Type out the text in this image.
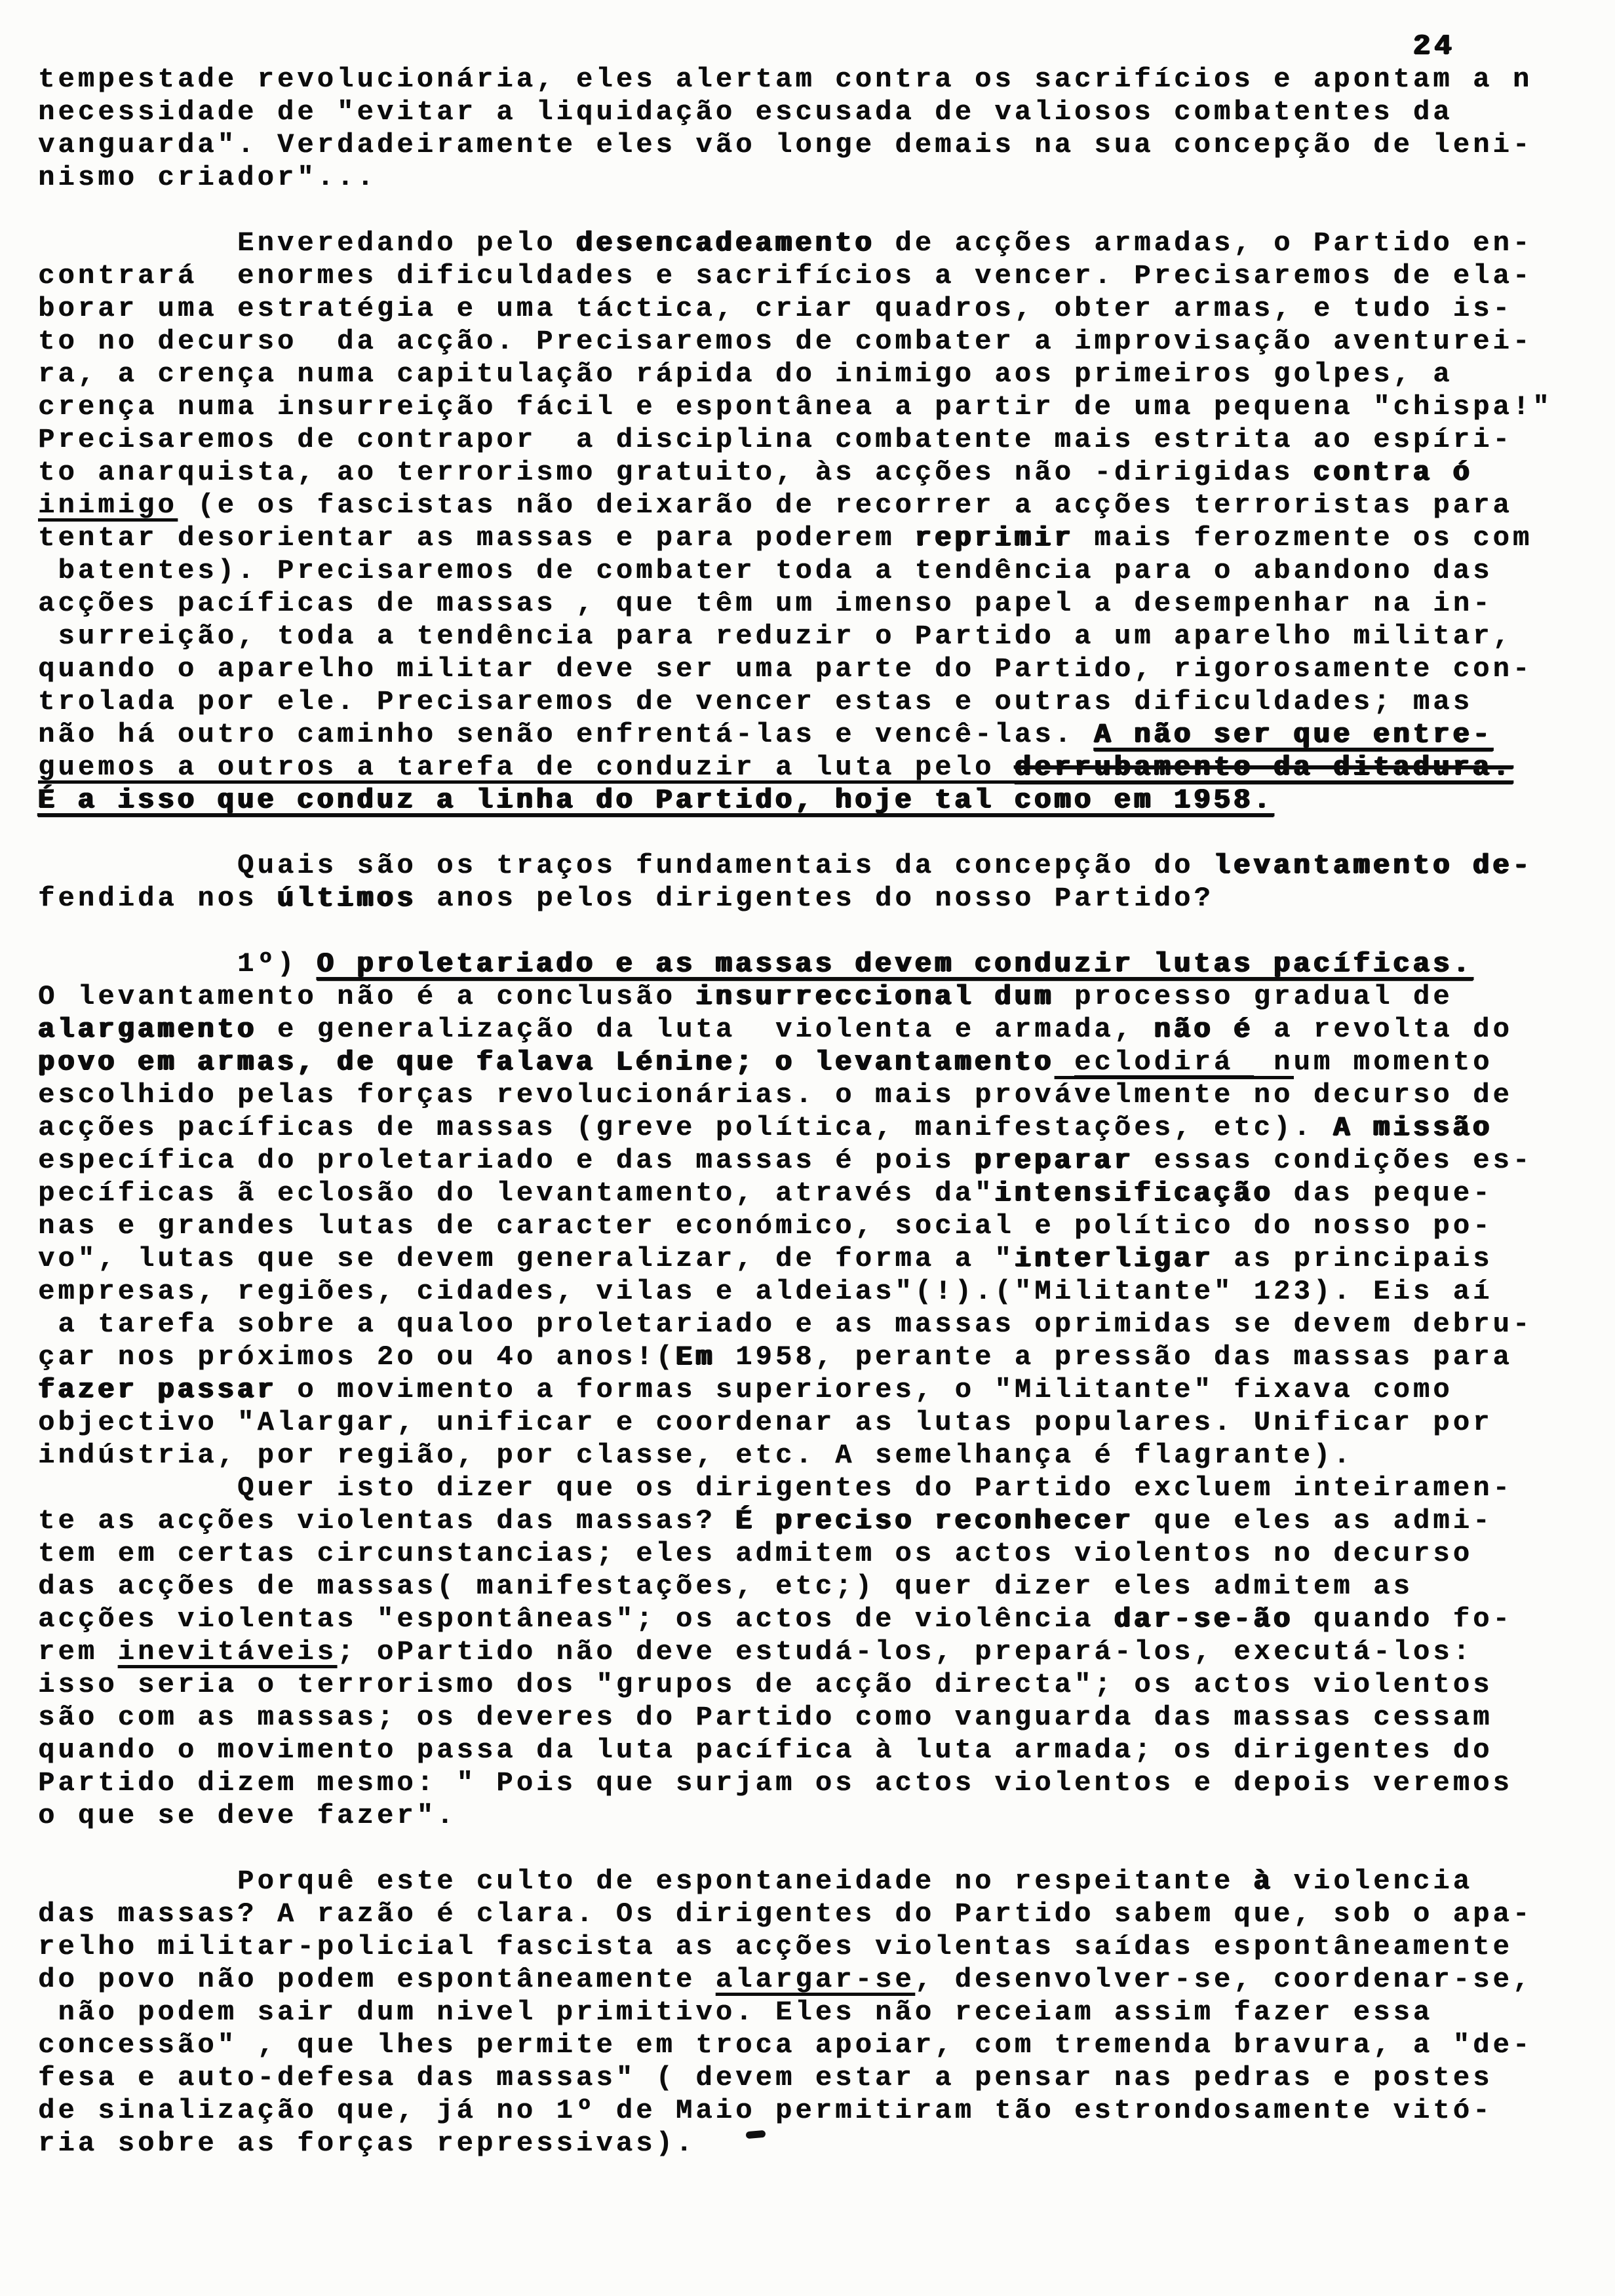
24
tempestade revolucionária, eles alertam contra os sacrifícios e apontam a n
necessidade de "evitar a liquidação escusada de valiosos combatentes da
vanguarda". Verdadeiramente eles vão longe demais na sua concepção de leni-
nismo criador"...
Enveredando pelo desencadeamento de acções armadas, o Partido en-
contrará  enormes dificuldades e sacrifícios a vencer. Precisaremos de ela-
borar uma estratégia e uma táctica, criar quadros, obter armas, e tudo is-
to no decurso  da acção. Precisaremos de combater a improvisação aventurei-
ra, a crença numa capitulação rápida do inimigo aos primeiros golpes, a
crença numa insurreição fácil e espontânea a partir de uma pequena "chispa!"
Precisaremos de contrapor  a disciplina combatente mais estrita ao espíri-
to anarquista, ao terrorismo gratuito, às acções não -dirigidas contra ó
inimigo (e os fascistas não deixarão de recorrer a acções terroristas para
tentar desorientar as massas e para poderem reprimir mais ferozmente os com
batentes). Precisaremos de combater toda a tendência para o abandono das
acções pacíficas de massas , que têm um imenso papel a desempenhar na in-
surreição, toda a tendência para reduzir o Partido a um aparelho militar,
quando o aparelho militar deve ser uma parte do Partido, rigorosamente con-
trolada por ele. Precisaremos de vencer estas e outras dificuldades; mas
não há outro caminho senão enfrentá-las e vencê-las. A não ser que entre-
guemos a outros a tarefa de conduzir a luta pelo derrubamento da ditadura.
É a isso que conduz a linha do Partido, hoje tal como em 1958.
Quais são os traços fundamentais da concepção do levantamento de-
fendida nos últimos anos pelos dirigentes do nosso Partido?
1º) O proletariado e as massas devem conduzir lutas pacíficas.
O levantamento não é a conclusão insurreccional dum processo gradual de
alargamento e generalização da luta  violenta e armada, não é a revolta do
povo em armas, de que falava Lénine; o levantamento eclodirá  num momento
escolhido pelas forças revolucionárias. o mais provávelmente no decurso de
acções pacíficas de massas (greve política, manifestações, etc). A missão
específica do proletariado e das massas é pois preparar essas condições es-
pecíficas ã eclosão do levantamento, através da"intensificação das peque-
nas e grandes lutas de caracter económico, social e político do nosso po-
vo", lutas que se devem generalizar, de forma a "interligar as principais
empresas, regiões, cidades, vilas e aldeias"(!).("Militante" 123). Eis aí
a tarefa sobre a qualoo proletariado e as massas oprimidas se devem debru-
çar nos próximos 2o ou 4o anos!(Em 1958, perante a pressão das massas para
fazer passar o movimento a formas superiores, o "Militante" fixava como
objectivo "Alargar, unificar e coordenar as lutas populares. Unificar por
indústria, por região, por classe, etc. A semelhança é flagrante).
Quer isto dizer que os dirigentes do Partido excluem inteiramen-
te as acções violentas das massas? É preciso reconhecer que eles as admi-
tem em certas circunstancias; eles admitem os actos violentos no decurso
das acções de massas( manifestações, etc;) quer dizer eles admitem as
acções violentas "espontâneas"; os actos de violência dar-se-ão quando fo-
rem inevitáveis; oPartido não deve estudá-los, prepará-los, executá-los:
isso seria o terrorismo dos "grupos de acção directa"; os actos violentos
são com as massas; os deveres do Partido como vanguarda das massas cessam
quando o movimento passa da luta pacífica à luta armada; os dirigentes do
Partido dizem mesmo: " Pois que surjam os actos violentos e depois veremos
o que se deve fazer".
Porquê este culto de espontaneidade no respeitante à violencia
das massas? A razão é clara. Os dirigentes do Partido sabem que, sob o apa-
relho militar-policial fascista as acções violentas saídas espontâneamente
do povo não podem espontâneamente alargar-se, desenvolver-se, coordenar-se,
não podem sair dum nivel primitivo. Eles não receiam assim fazer essa
concessão" , que lhes permite em troca apoiar, com tremenda bravura, a "de-
fesa e auto-defesa das massas" ( devem estar a pensar nas pedras e postes
de sinalização que, já no 1º de Maio permitiram tão estrondosamente vitó-
ria sobre as forças repressivas).
